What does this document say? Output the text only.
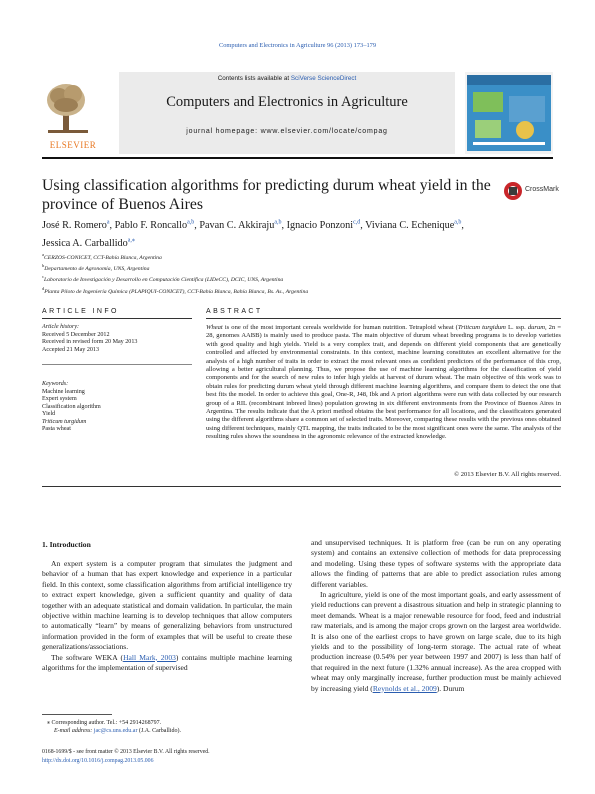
Computers and Electronics in Agriculture 96 (2013) 173–179
ELSEVIER
Contents lists available at SciVerse ScienceDirect
Computers and Electronics in Agriculture
journal homepage: www.elsevier.com/locate/compag
Using classification algorithms for predicting durum wheat yield in the province of Buenos Aires
CrossMark
José R. Romero$^a$, Pablo F. Roncallo$^{a,b}$, Pavan C. Akkiraju$^{a,b}$, Ignacio Ponzoni$^{c,d}$, Viviana C. Echenique$^{a,b}$,
Jessica A. Carballido$^{a,⁎}$
$^a$CERZOS-CONICET, CCT-Bahía Blanca, Argentina
$^b$Departamento de Agronomía, UNS, Argentina
$^c$Laboratorio de Investigación y Desarrollo en Computación Científica (LIDeCC), DCIC, UNS, Argentina
$^d$Planta Piloto de Ingeniería Química (PLAPIQUI-CONICET), CCT-Bahía Blanca, Bahía Blanca, Bs. As., Argentina
ARTICLE INFO
Article history:
Received 5 December 2012
Received in revised form 20 May 2013
Accepted 21 May 2013
Keywords:
Machine learning
Expert system
Classification algorithm
Yield
Triticum turgidum
Pasta wheat
ABSTRACT
Wheat is one of the most important cereals worldwide for human nutrition. Tetraploid wheat (Triticum turgidum L. ssp. durum, 2n = 28, genomes AABB) is mainly used to produce pasta. The main objective of durum wheat breeding programs is to develop varieties with good quality and high yields. Yield is a very complex trait, and depends on different yield components that are genetically controlled and affected by environmental constraints. In this context, machine learning constitutes an excellent alternative for the analysis of a high number of traits in order to extract the most relevant ones as confident predictors of the performance of this crop, allowing a better agricultural planning. Thus, we propose the use of machine learning algorithms for the classification of yield components and for the search of new rules to infer high yields at harvest of durum wheat. The main objective of this work was to obtain rules for predicting durum wheat yield through different machine learning algorithms, and compare them to detect the one that best fits the model. In order to achieve this goal, One-R, J48, Ibk and A priori algorithms were run with data collected by our research group of a RIL (recombinant inbreed lines) population growing in six different environments from the Province of Buenos Aires in Argentina. The results indicate that the A priori method obtains the best performance for all locations, and the classificators generated using the different algorithms share a common set of selected traits. Moreover, comparing these results with the previous ones obtained using different techniques, mainly QTL mapping, the traits indicated to be the most significant ones were the same. The analysis of the resulting rules shows the soundness in the agronomic relevance of the extracted knowledge.
© 2013 Elsevier B.V. All rights reserved.
1. Introduction

An expert system is a computer program that simulates the judgment and behavior of a human that has expert knowledge and experience in a particular field. In this context, some classification algorithms from artificial intelligence try to extract expert knowledge, given a sufficient quantity and quality of data together with an adequate statistical and domain validation. In particular, the main objective within machine learning is to develop techniques that allow computers to automatically “learn” by means of generalizing behaviors from unstructured information provided in the form of examples that will be useful to create these generalizations/associations.

The software WEKA (Hall Mark, 2003) contains multiple machine learning algorithms for the implementation of supervised

and unsupervised techniques. It is platform free (can be run on any operating system) and contains an extensive collection of methods for data preprocessing and modeling. Using these types of software systems with the appropriate data allows the finding of patterns that are able to predict association rules among different variables.

In agriculture, yield is one of the most important goals, and early assessment of yield reductions can prevent a disastrous situation and help in strategic planning to meet demands. Wheat is a major renewable resource for food, feed and industrial raw materials, and is among the major crops grown on the largest area worldwide. It is also one of the earliest crops to have grown on large scale, due to its high yields and to the possibility of long-term storage. The actual rate of wheat production increase (0.54% per year between 1997 and 2007) is less than half of that required in the next future (1.32% annual increase). As the area cropped with wheat may only marginally increase, further production must be mainly achieved by increasing yield (Reynolds et al., 2009). Durum

⁎ Corresponding author. Tel.: +54 2914268797.
E-mail address: jac@cs.uns.edu.ar (J.A. Carballido).
0168-1699/$ - see front matter © 2013 Elsevier B.V. All rights reserved.
http://dx.doi.org/10.1016/j.compag.2013.05.006
